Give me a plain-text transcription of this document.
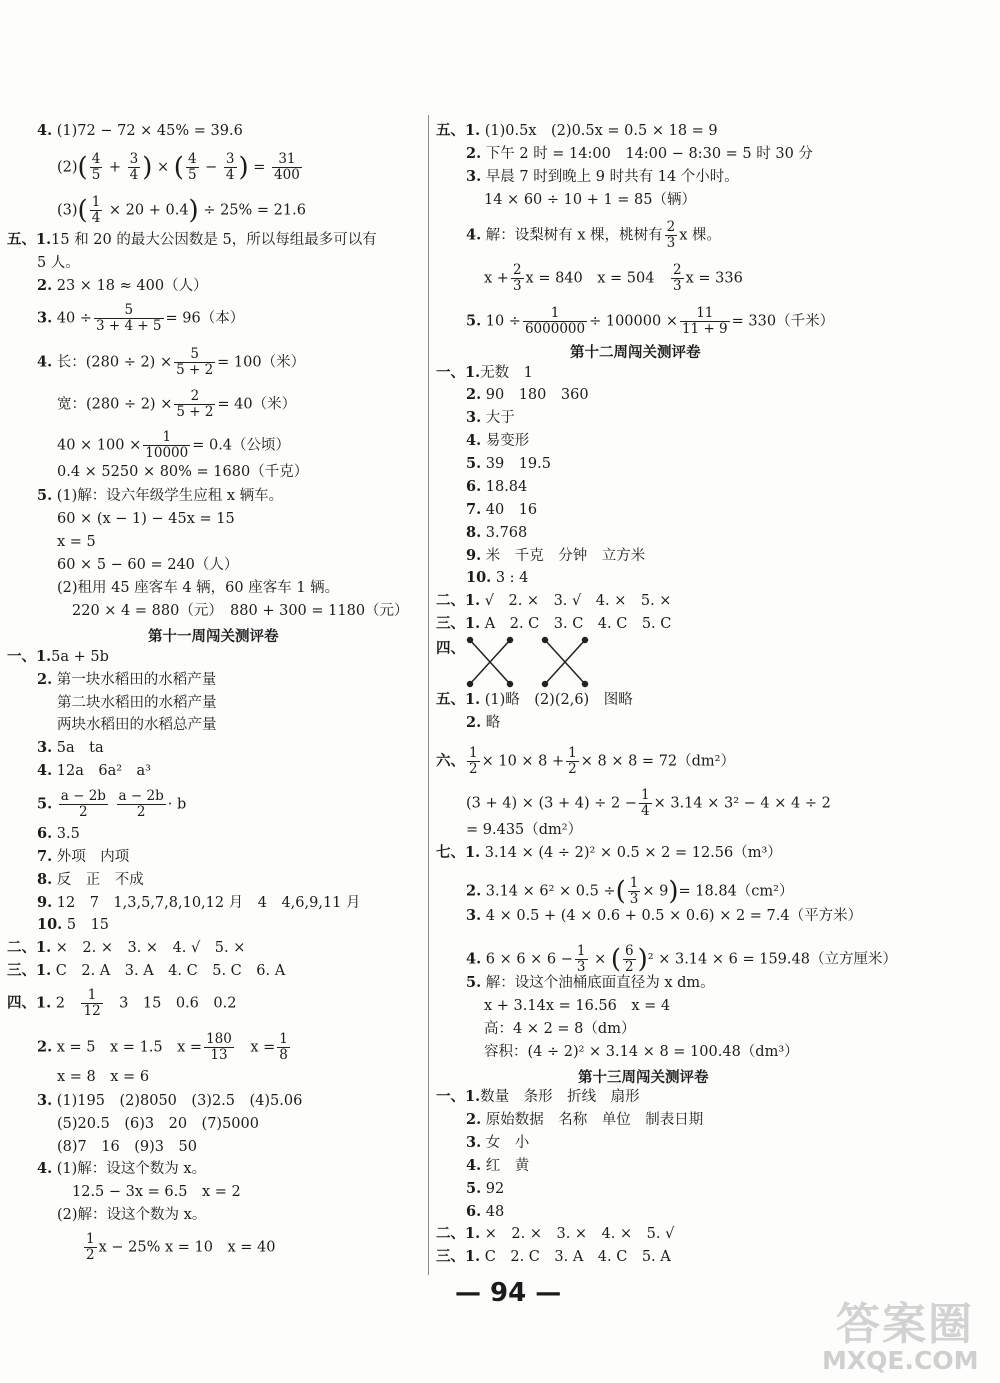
4. (1)72 − 72 × 45% = 39.6
$(2)( \frac{4}{5} + \frac{3}{4}$ ) × ( $\frac{4}{5} - \frac{3}{4}$ ) = $\frac{31}{400}$
$(3)( \frac{1}{4} \times 20 + 0.4) \div 25\% = 21.6$
五、1.15 和 20 的最大公因数是 5，所以每组最多可以有
5 人。
2. 23 × 18 ≈ 400（人）
3. $40 \div \frac{5}{3 + 4 + 5} = 96$（本）
4. 长：$(280 \div 2) \times \frac{5}{5 + 2} = 100$（米）
宽：$(280 \div 2) \times \frac{2}{5 + 2} = 40$（米）
$40 \times 100 \times \frac{1}{10000} = 0.4$（公顷）
0.4 × 5250 × 80% = 1680（千克）
5. (1)解：设六年级学生应租 x 辆车。
60 × (x − 1) − 45x = 15
x = 5
60 × 5 − 60 = 240（人）
(2)租用 45 座客车 4 辆，60 座客车 1 辆。
220 × 4 = 880（元）　880 + 300 = 1180（元）
第十一周闯关测评卷
一、1.5a + 5b
2. 第一块水稻田的水稻产量
第二块水稻田的水稻产量
两块水稻田的水稻总产量
3. 5a　ta
4. 12a　6a²　a³
5. $\frac{a - 2b}{2}$
$\frac{a - 2b}{2} \cdot b$
6. 3.5
7. 外项　内项
8. 反　正　不成
9. 12　7　1,3,5,7,8,10,12 月　4　4,6,9,11 月
10. 5　15
二、1. ×　2. ×　3. ×　4. √　5. ×
三、1. C　2. A　3. A　4. C　5. C　6. A
四、1. 2　 $\frac{1}{12}$
　 3　15　0.6　0.2
2. x = 5　x = 1.5　$x = \frac{180}{13}$
　 $x = \frac{1}{8}$
x = 8　x = 6
3. (1)195　(2)8050　(3)2.5　(4)5.06
(5)20.5　(6)3　20　(7)5000
(8)7　16　(9)3　50
4. (1)解：设这个数为 x。
12.5 − 3x = 6.5　x = 2
(2)解：设这个数为 x。
$\frac{1}{2}$ x − 25% x = 10　x = 40
五、1. (1)0.5x　(2)0.5x = 0.5 × 18 = 9
2. 下午 2 时 = 14:00　14:00 − 8:30 = 5 时 30 分
3. 早晨 7 时到晚上 9 时共有 14 个小时。
14 × 60 ÷ 10 + 1 = 85（辆）
4. 解：设梨树有 x 棵，桃树有 $\frac{2}{3}$ x 棵。
$x + \frac{2}{3}$ x = 840　x = 504　 $\frac{2}{3}$ x = 336
5. $10 \div \frac{1}{6000000} \div 100000 \times \frac{11}{11 + 9} = 330$（千米）
第十二周闯关测评卷
一、1.无数　1
2. 90　180　360
3. 大于
4. 易变形
5. 39　19.5
6. 18.84
7. 40　16
8. 3.768
9. 米　千克　分钟　立方米
10. 3 : 4
二、1. √　2. ×　3. √　4. ×　5. ×
三、1. A　2. C　3. C　4. C　5. C
四、
五、1. (1)略　(2)(2,6)　图略
2. 略
六、 $\frac{1}{2} \times 10 \times 8 + \frac{1}{2} \times 8 \times 8 = 72(dm^2)$
$(3 + 4) \times (3 + 4) \div 2 - \frac{1}{4} \times 3.14 \times 3^2 - 4 \times 4 \div 2$
= 9.435（dm²）
七、1. 3.14 × (4 ÷ 2)² × 0.5 × 2 = 12.56（m³）
2. 3.14 × 6² × 0.5 ÷( $\frac{1}{3} \times 9)= 18.84(cm^2)$
3. 4 × 0.5 + (4 × 0.6 + 0.5 × 0.6) × 2 = 7.4（平方米）
4. $6 \times 6 \times 6 - \frac{1}{3}$ × ( $\frac{6}{2} )^2 \times 3.14 \times 6 = 159.48$（立方厘米）
5. 解：设这个油桶底面直径为 x dm。
x + 3.14x = 16.56　x = 4
高：4 × 2 = 8（dm）
容积：(4 ÷ 2)² × 3.14 × 8 = 100.48（dm³）
第十三周闯关测评卷
一、1.数量　条形　折线　扇形
2. 原始数据　名称　单位　制表日期
3. 女　小
4. 红　黄
5. 92
6. 48
二、1. ×　2. ×　3. ×　4. ×　5. √
三、1. C　2. C　3. A　4. C　5. A
— 94 —
答案圈
MXQE.COM
